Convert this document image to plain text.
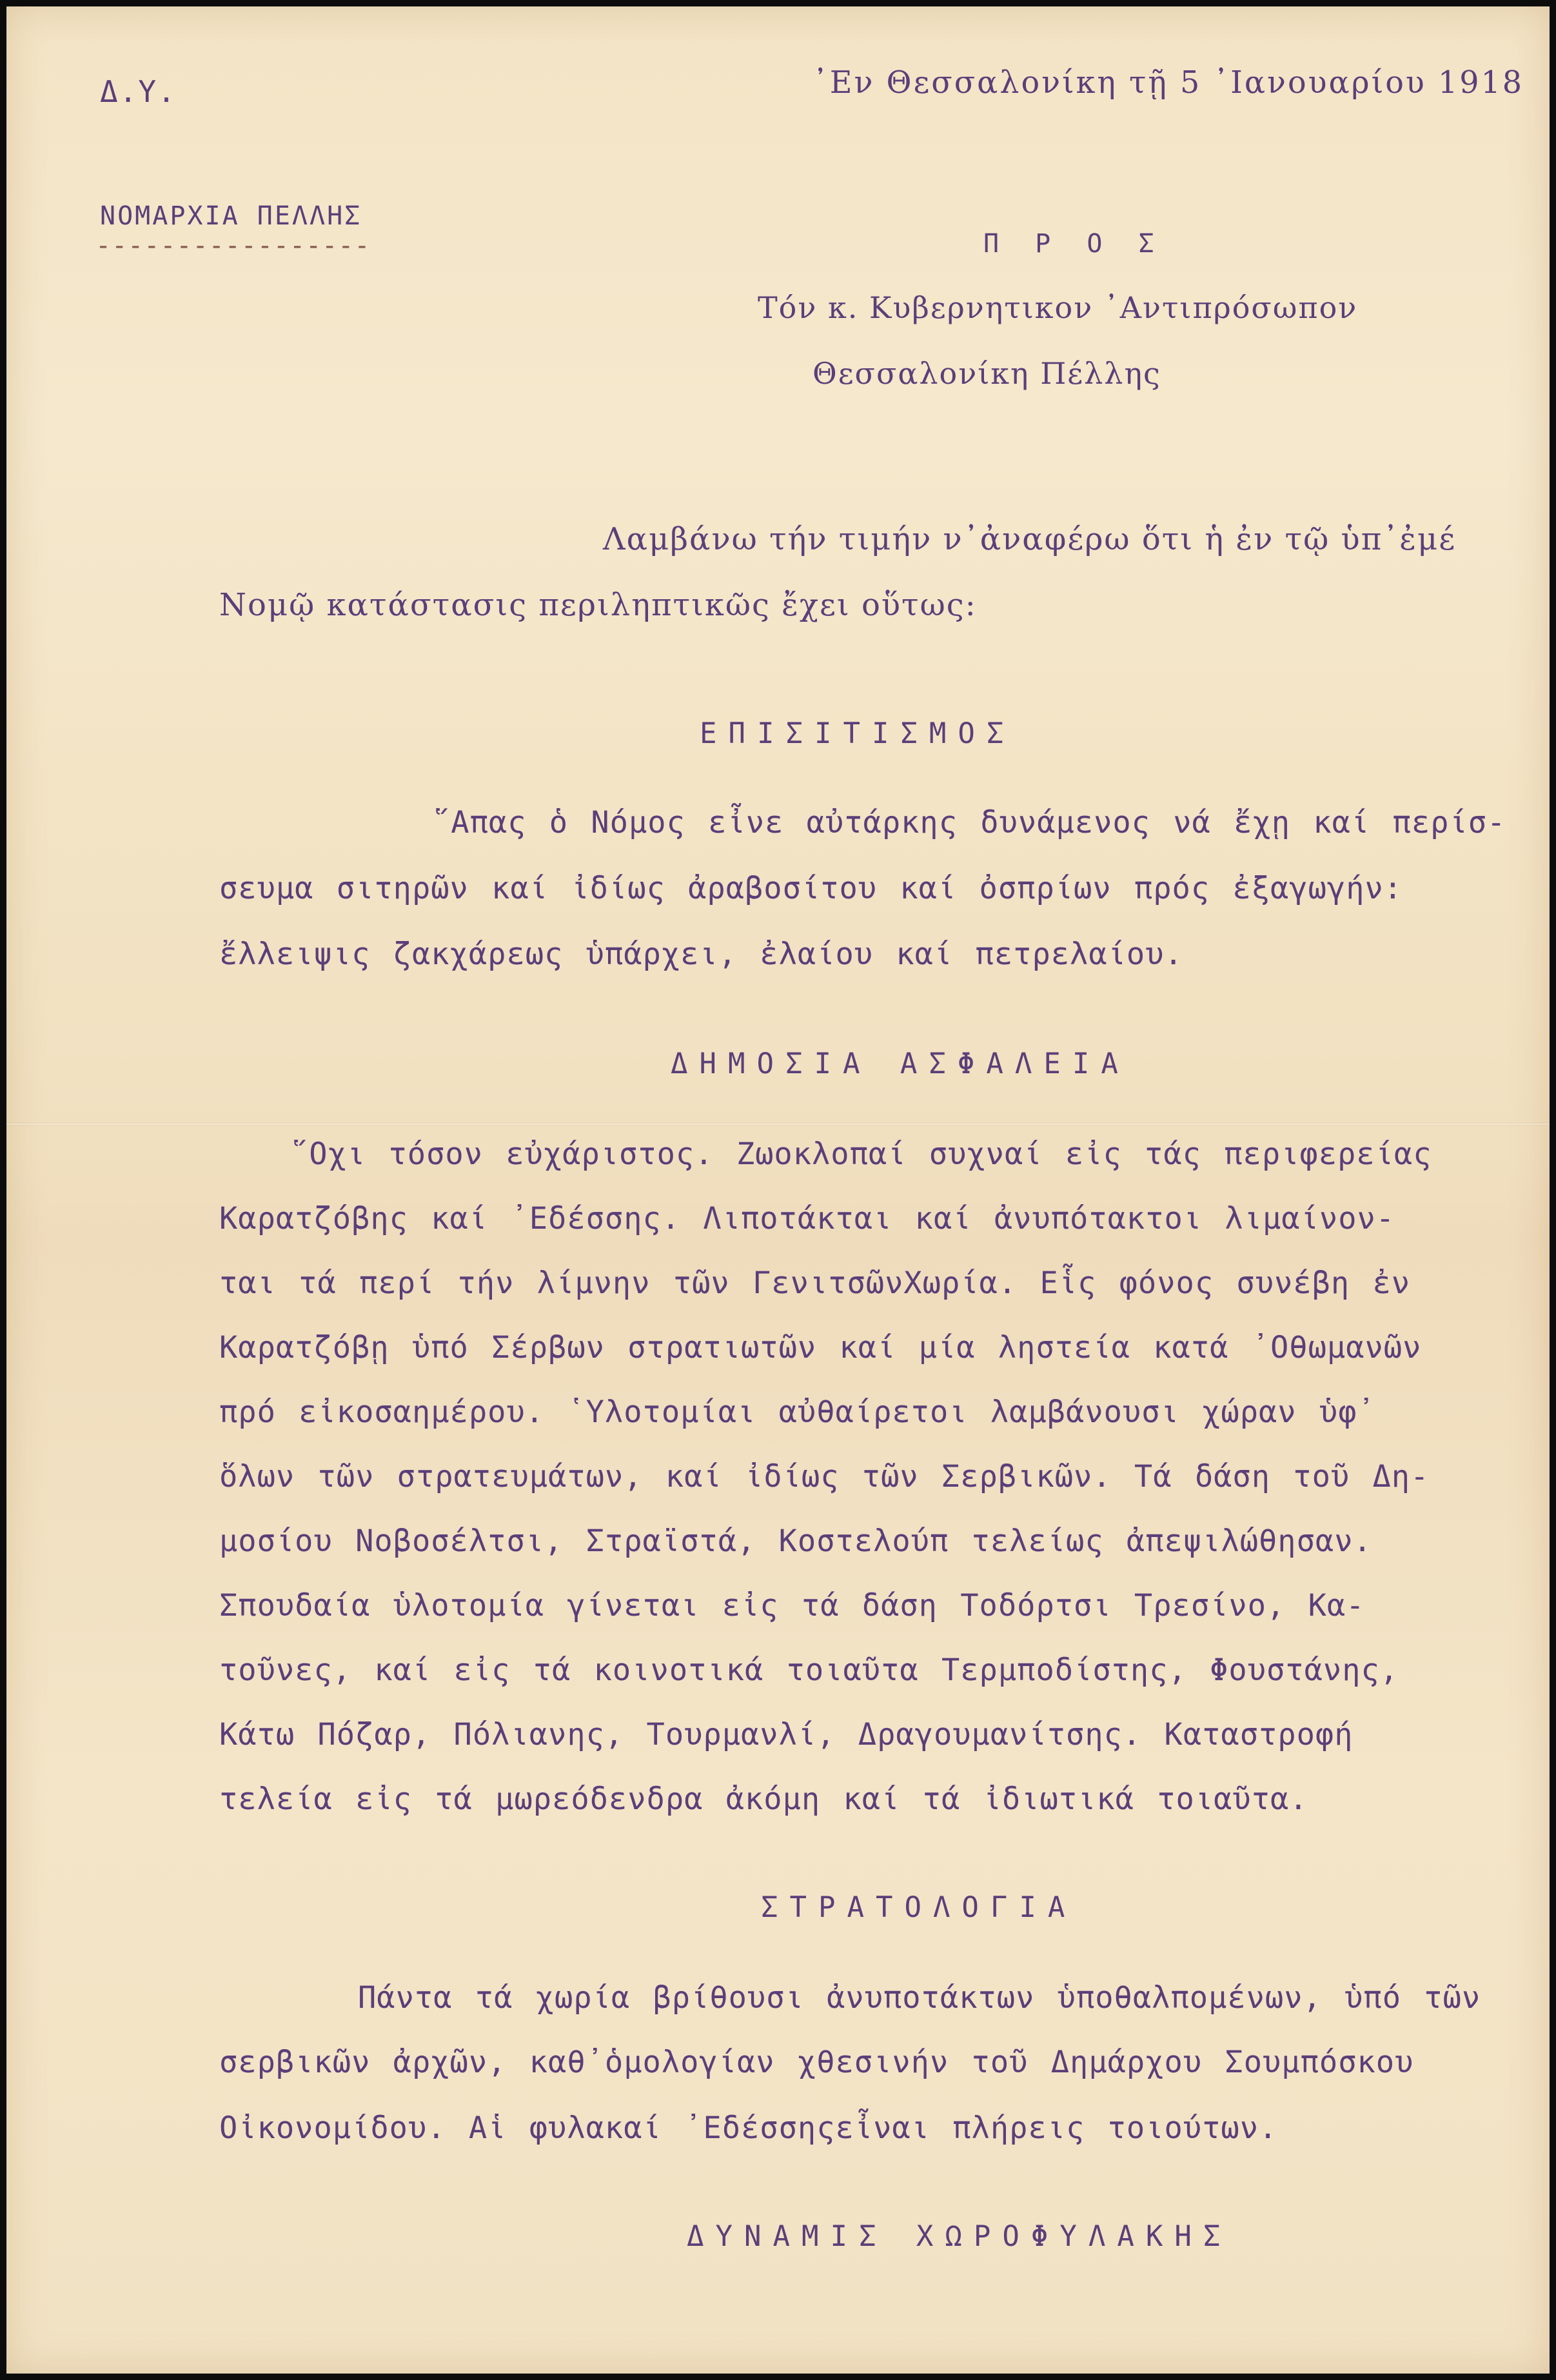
Δ.Υ.	᾿Εν Θεσσαλονίκη τῇ 5 ᾿Ιανουαρίου 1918
ΝΟΜΑΡΧΙΑ ΠΕΛΛΗΣ
-----------------	Π Ρ Ο Σ
Τόν κ. Κυβερνητικον ᾿Αντιπρόσωπον
Θεσσαλονίκη Πέλλης
Λαμβάνω τήν τιμήν ν᾿ἀναφέρω ὅτι ἡ ἐν τῷ ὑπ᾿ἐμέ
Νομῷ κατάστασις περιληπτικῶς ἔχει οὕτως:
ΕΠΙΣΙΤΙΣΜΟΣ
῞Απας ὁ Νόμος εἶνε αὐτάρκης δυνάμενος νά ἔχῃ καί περίσ-
σευμα σιτηρῶν καί ἰδίως ἀραβοσίτου καί ὀσπρίων πρός ἐξαγωγήν:
ἔλλειψις ζακχάρεως ὑπάρχει, ἐλαίου καί πετρελαίου.
ΔΗΜΟΣΙΑ ΑΣΦΑΛΕΙΑ
῞Οχι τόσον εὐχάριστος. Ζωοκλοπαί συχναί εἰς τάς περιφερείας
Καρατζόβης καί ᾿Εδέσσης. Λιποτάκται καί ἀνυπότακτοι λιμαίνον-
ται τά περί τήν λίμνην τῶν ΓενιτσῶνΧωρία. Εἷς φόνος συνέβη ἐν
Καρατζόβῃ ὑπό Σέρβων στρατιωτῶν καί μία ληστεία κατά ᾿Οθωμανῶν
πρό εἰκοσαημέρου. ῾Υλοτομίαι αὐθαίρετοι λαμβάνουσι χώραν ὑφ᾿
ὅλων τῶν στρατευμάτων, καί ἰδίως τῶν Σερβικῶν. Τά δάση τοῦ Δη-
μοσίου Νοβοσέλτσι, Στραϊστά, Κοστελούπ τελείως ἀπεψιλώθησαν.
Σπουδαία ὑλοτομία γίνεται εἰς τά δάση Τοδόρτσι Τρεσίνο, Κα-
τοῦνες, καί εἰς τά κοινοτικά τοιαῦτα Τερμποδίστης, Φουστάνης,
Κάτω Πόζαρ, Πόλιανης, Τουρμανλί, Δραγουμανίτσης. Καταστροφή
τελεία εἰς τά μωρεόδενδρα ἀκόμη καί τά ἰδιωτικά τοιαῦτα.
ΣΤΡΑΤΟΛΟΓΙΑ
Πάντα τά χωρία βρίθουσι ἀνυποτάκτων ὑποθαλπομένων, ὑπό τῶν
σερβικῶν ἀρχῶν, καθ᾿ὁμολογίαν χθεσινήν τοῦ Δημάρχου Σουμπόσκου
Οἰκονομίδου. Αἱ φυλακαί ᾿Εδέσσηςεἶναι πλήρεις τοιούτων.
ΔΥΝΑΜΙΣ ΧΩΡΟΦΥΛΑΚΗΣ
